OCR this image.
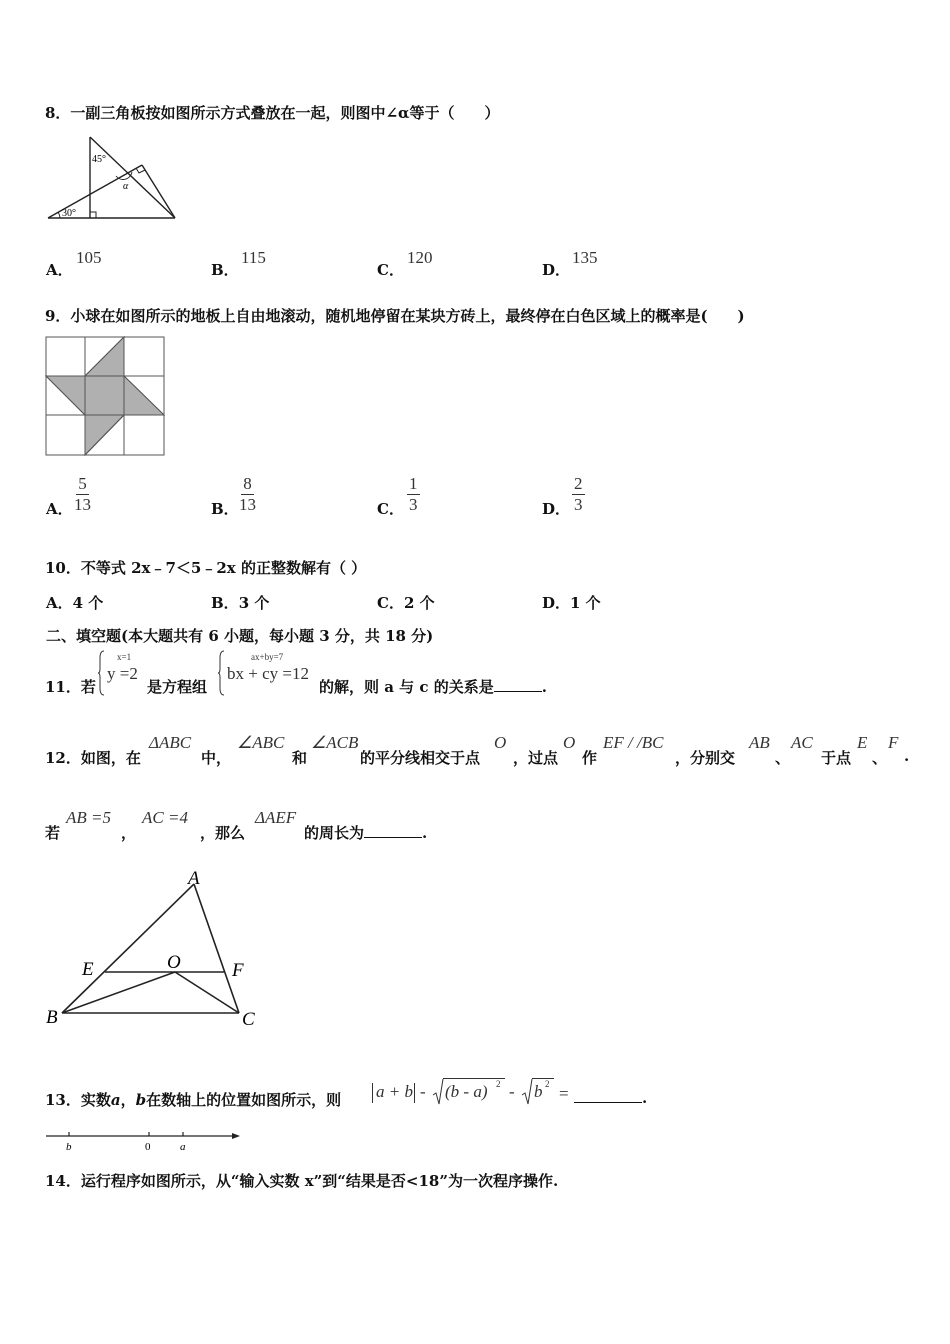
8．一副三角板按如图所示方式叠放在一起，则图中∠α等于（　　）
45°
α
30°
A．
105
B．
115
C．
120
D．
135
9．小球在如图所示的地板上自由地滚动，随机地停留在某块方砖上，最终停在白色区域上的概率是(　　)
A． $\frac{5}{13}$	B． $\frac{8}{13}$	C． $\frac{1}{3}$	D． $\frac{2}{3}$
10．不等式 2x﹣7＜5﹣2x 的正整数解有（ ）
A．4 个	B．3 个	C．2 个	D．1 个
二、填空题(本大题共有 6 小题，每小题 3 分，共 18 分)
11．若
x=1
y =2
是方程组
ax+by=7
bx + cy =12
的解，则 a 与 c 的关系是	.
12．如图，在
ΔABC
中，
∠ABC
和
∠ACB
的平分线相交于点
O
，过点
O
作
EF / /BC
，分别交
AB
、
AC
于点
E
、
F
.
若
AB =5
，
AC =4
，那么
ΔAEF
的周长为	.
A
E	O	F
B	C
13．实数a，b在数轴上的位置如图所示，则 a + b - (b - a) 2 - b 2 =	.
b	0	a
14．运行程序如图所示，从“输入实数 x”到“结果是否<18”为一次程序操作.
